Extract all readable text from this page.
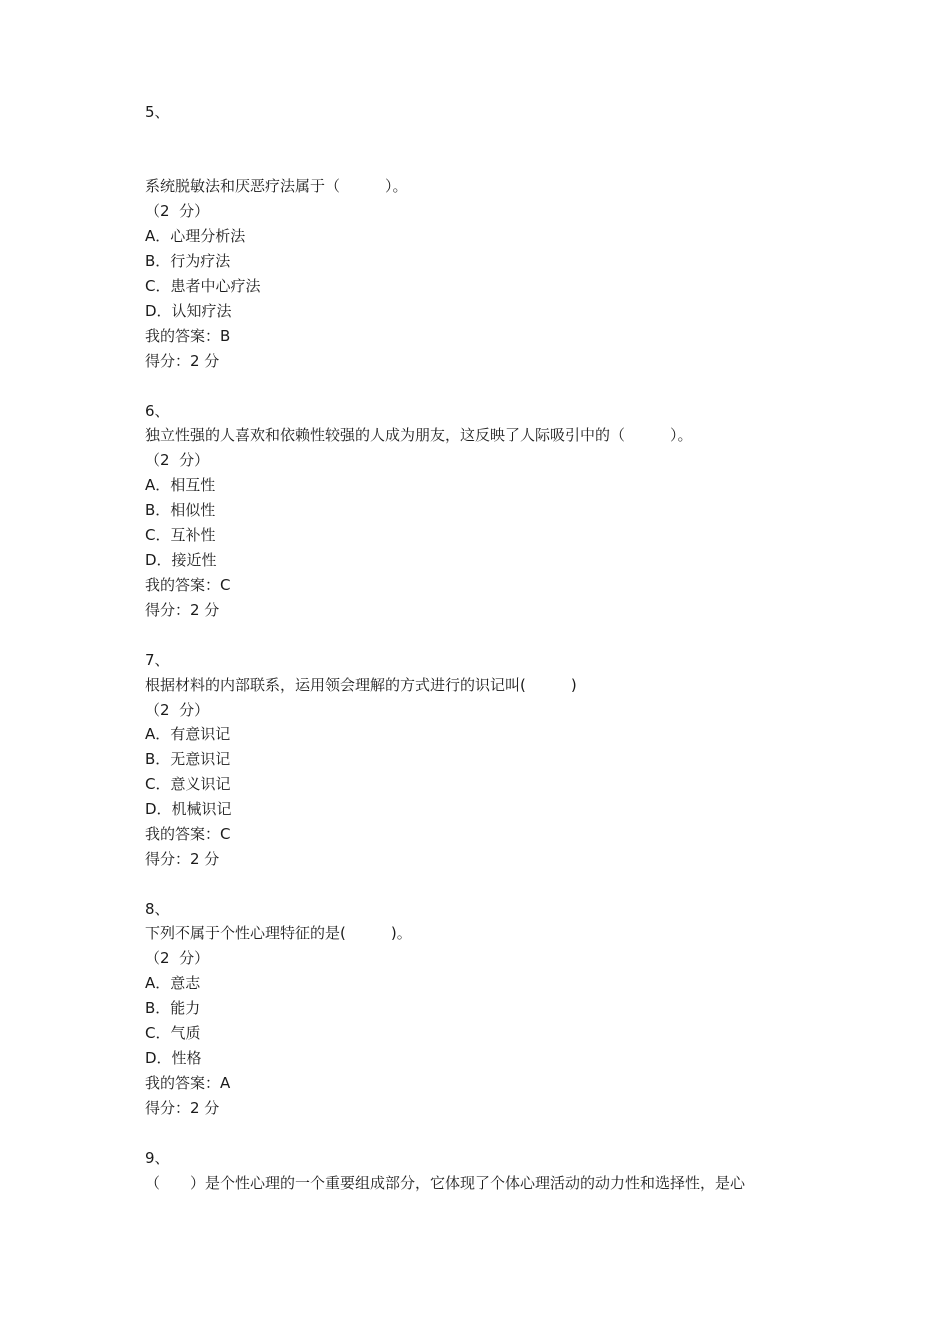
5、
系统脱敏法和厌恶疗法属于（　　　）。
（2  分）
A．心理分析法
B．行为疗法
C．患者中心疗法
D．认知疗法
我的答案：B
得分：2 分
6、
独立性强的人喜欢和依赖性较强的人成为朋友，这反映了人际吸引中的（　　　）。
（2  分）
A．相互性
B．相似性
C．互补性
D．接近性
我的答案：C
得分：2 分
7、
根据材料的内部联系，运用领会理解的方式进行的识记叫(　　　)
（2  分）
A．有意识记
B．无意识记
C．意义识记
D．机械识记
我的答案：C
得分：2 分
8、
下列不属于个性心理特征的是(　　　)。
（2  分）
A．意志
B．能力
C．气质
D．性格
我的答案：A
得分：2 分
9、
（　　）是个性心理的一个重要组成部分，它体现了个体心理活动的动力性和选择性，是心
